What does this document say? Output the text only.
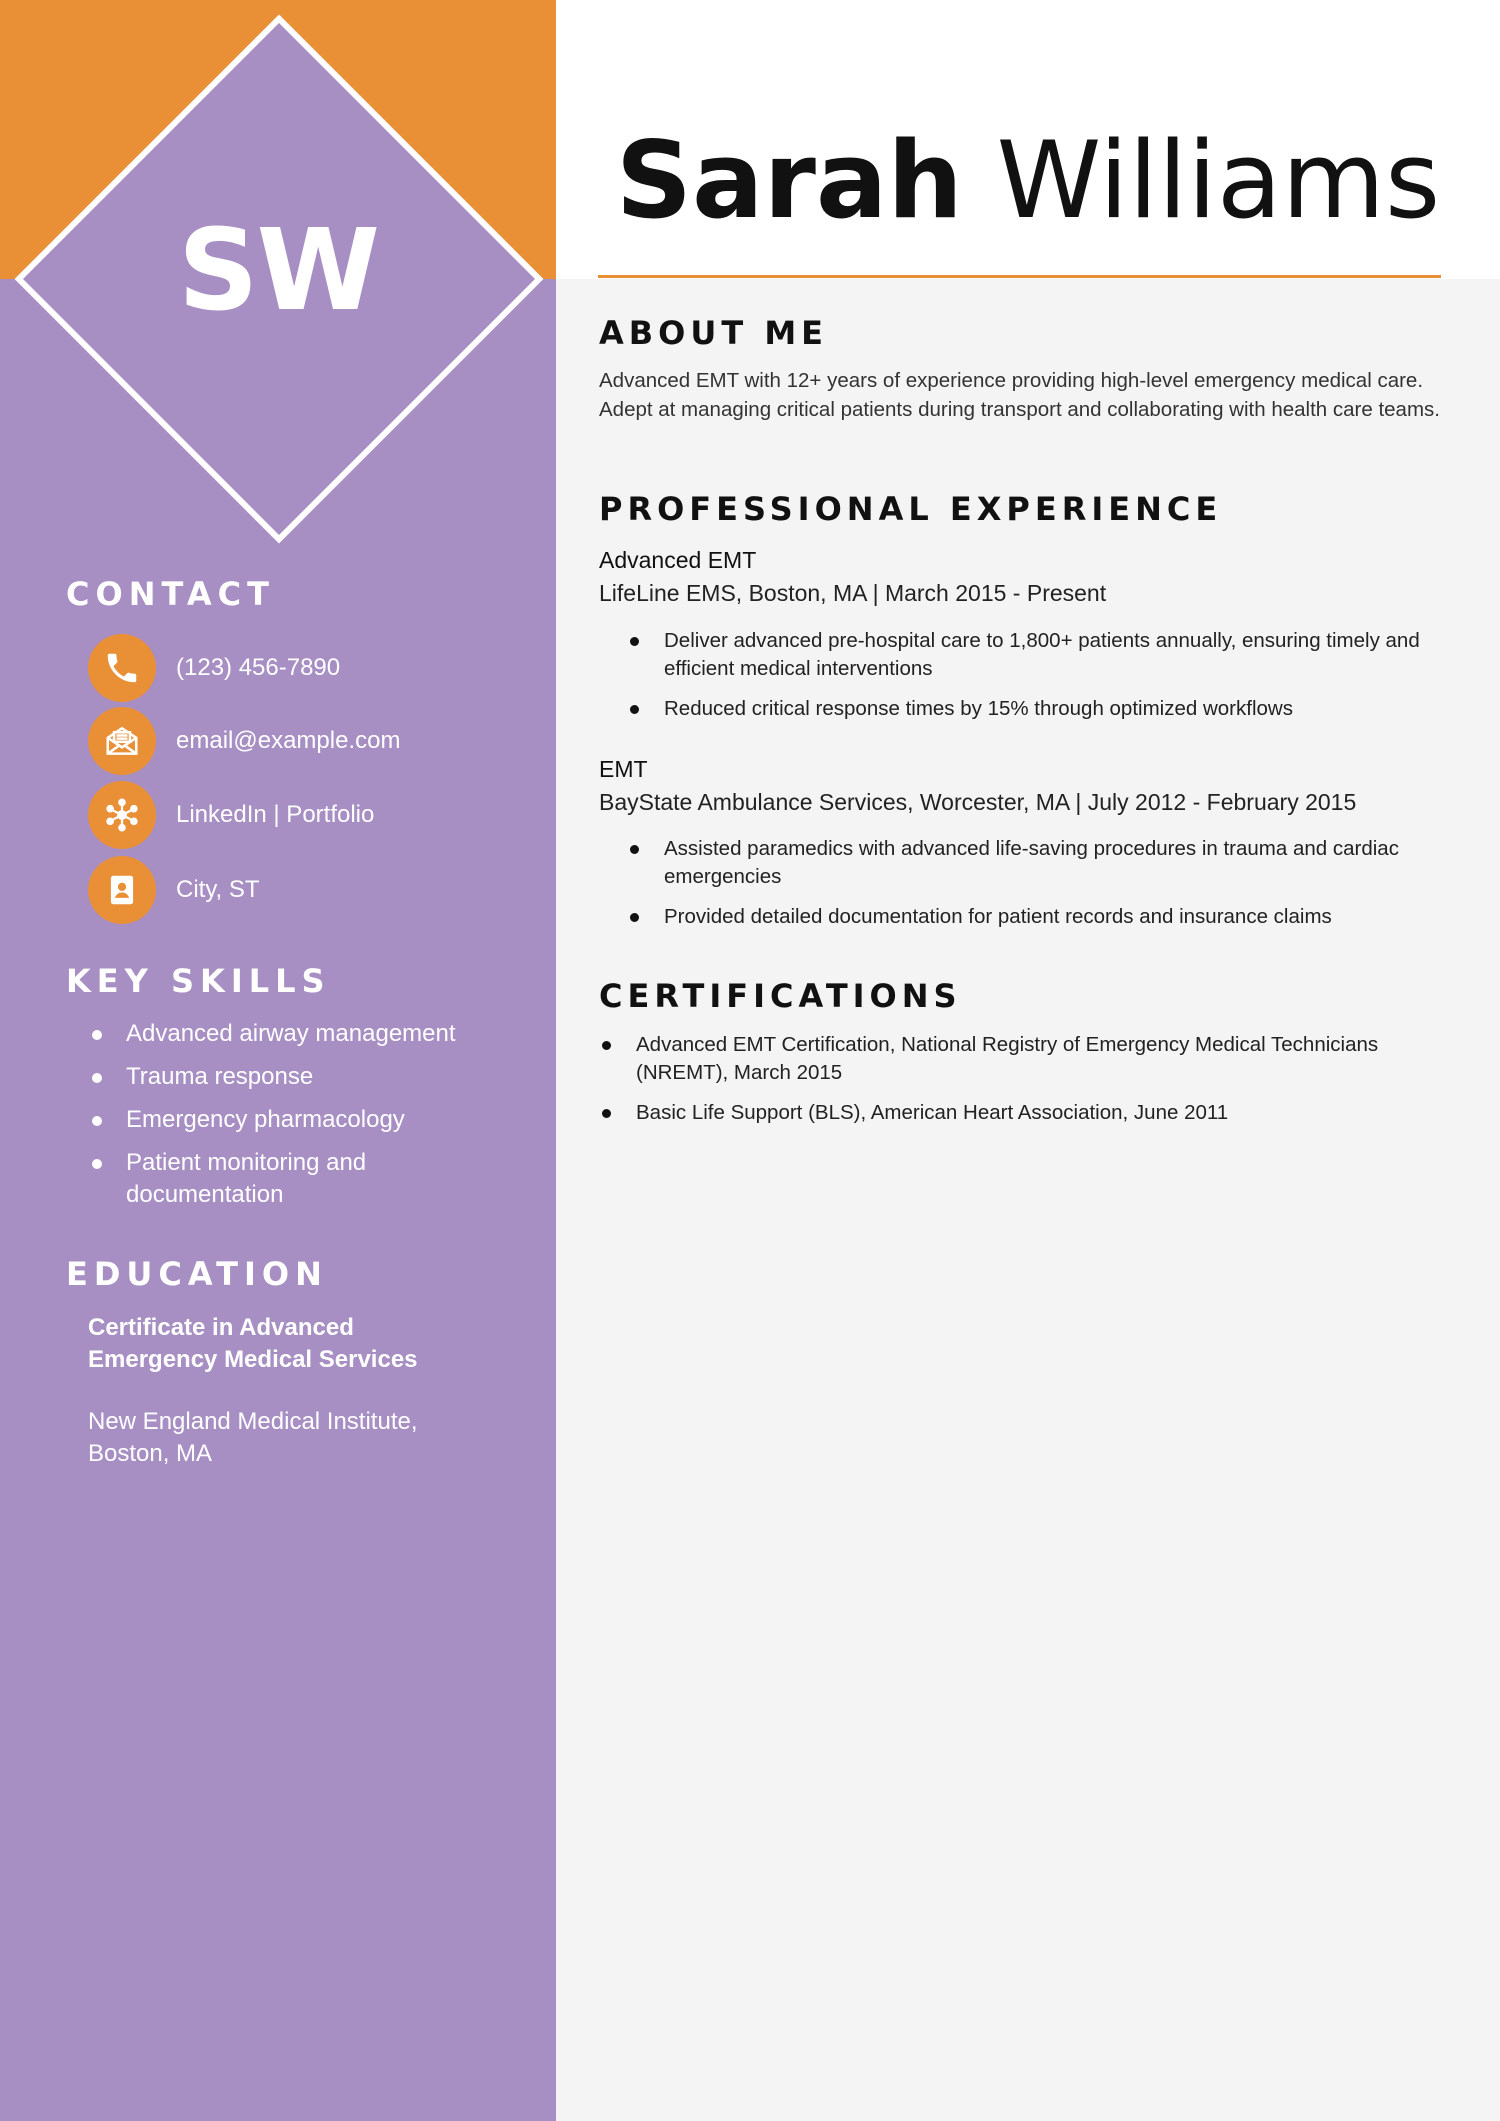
SW
CONTACT
(123) 456-7890
email@example.com
LinkedIn | Portfolio
City, ST
KEY SKILLS
Advanced airway management
Trauma response
Emergency pharmacology
Patient monitoring and documentation
EDUCATION
Certificate in Advanced Emergency Medical Services
New England Medical Institute, Boston, MA
Sarah Williams
ABOUT ME
Advanced EMT with 12+ years of experience providing high-level emergency medical care. Adept at managing critical patients during transport and collaborating with health care teams.
PROFESSIONAL EXPERIENCE
Advanced EMT
LifeLine EMS, Boston, MA | March 2015 - Present
Deliver advanced pre-hospital care to 1,800+ patients annually, ensuring timely and efficient medical interventions
Reduced critical response times by 15% through optimized workflows
EMT
BayState Ambulance Services, Worcester, MA | July 2012 - February 2015
Assisted paramedics with advanced life-saving procedures in trauma and cardiac emergencies
Provided detailed documentation for patient records and insurance claims
CERTIFICATIONS
Advanced EMT Certification, National Registry of Emergency Medical Technicians (NREMT), March 2015
Basic Life Support (BLS), American Heart Association, June 2011
